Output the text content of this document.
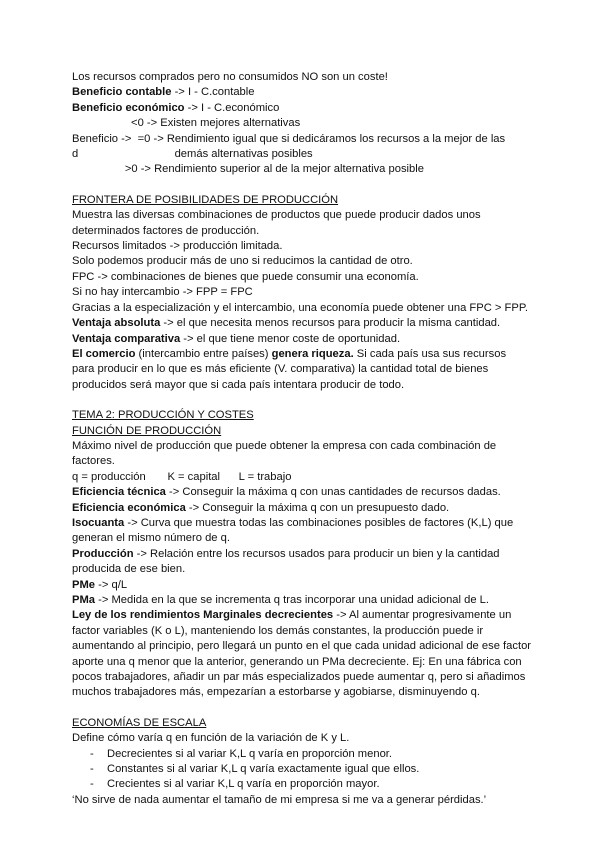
Los recursos comprados pero no consumidos NO son un coste!
Beneficio contable -> I - C.contable
Beneficio económico -> I - C.económico
<0 -> Existen mejores alternativas
Beneficio ->  =0 -> Rendimiento igual que si dedicáramos los recursos a la mejor de las
d                               demás alternativas posibles
>0 -> Rendimiento superior al de la mejor alternativa posible
FRONTERA DE POSIBILIDADES DE PRODUCCIÓN
Muestra las diversas combinaciones de productos que puede producir dados unos
determinados factores de producción.
Recursos limitados -> producción limitada.
Solo podemos producir más de uno si reducimos la cantidad de otro.
FPC -> combinaciones de bienes que puede consumir una economía.
Si no hay intercambio -> FPP = FPC
Gracias a la especialización y el intercambio, una economía puede obtener una FPC > FPP.
Ventaja absoluta -> el que necesita menos recursos para producir la misma cantidad.
Ventaja comparativa -> el que tiene menor coste de oportunidad.
El comercio (intercambio entre países) genera riqueza. Si cada país usa sus recursos
para producir en lo que es más eficiente (V. comparativa) la cantidad total de bienes
producidos será mayor que si cada país intentara producir de todo.
TEMA 2: PRODUCCIÓN Y COSTES
FUNCIÓN DE PRODUCCIÓN
Máximo nivel de producción que puede obtener la empresa con cada combinación de
factores.
q = producción       K = capital      L = trabajo
Eficiencia técnica -> Conseguir la máxima q con unas cantidades de recursos dadas.
Eficiencia económica -> Conseguir la máxima q con un presupuesto dado.
Isocuanta -> Curva que muestra todas las combinaciones posibles de factores (K,L) que
generan el mismo número de q.
Producción -> Relación entre los recursos usados para producir un bien y la cantidad
producida de ese bien.
PMe -> q/L
PMa -> Medida en la que se incrementa q tras incorporar una unidad adicional de L.
Ley de los rendimientos Marginales decrecientes -> Al aumentar progresivamente un
factor variables (K o L), manteniendo los demás constantes, la producción puede ir
aumentando al principio, pero llegará un punto en el que cada unidad adicional de ese factor
aporte una q menor que la anterior, generando un PMa decreciente. Ej: En una fábrica con
pocos trabajadores, añadir un par más especializados puede aumentar q, pero si añadimos
muchos trabajadores más, empezarían a estorbarse y agobiarse, disminuyendo q.
ECONOMÍAS DE ESCALA
Define cómo varía q en función de la variación de K y L.
- Decrecientes si al variar K,L q varía en proporción menor.
- Constantes si al variar K,L q varía exactamente igual que ellos.
- Crecientes si al variar K,L q varía en proporción mayor.
‘No sirve de nada aumentar el tamaño de mi empresa si me va a generar pérdidas.’
